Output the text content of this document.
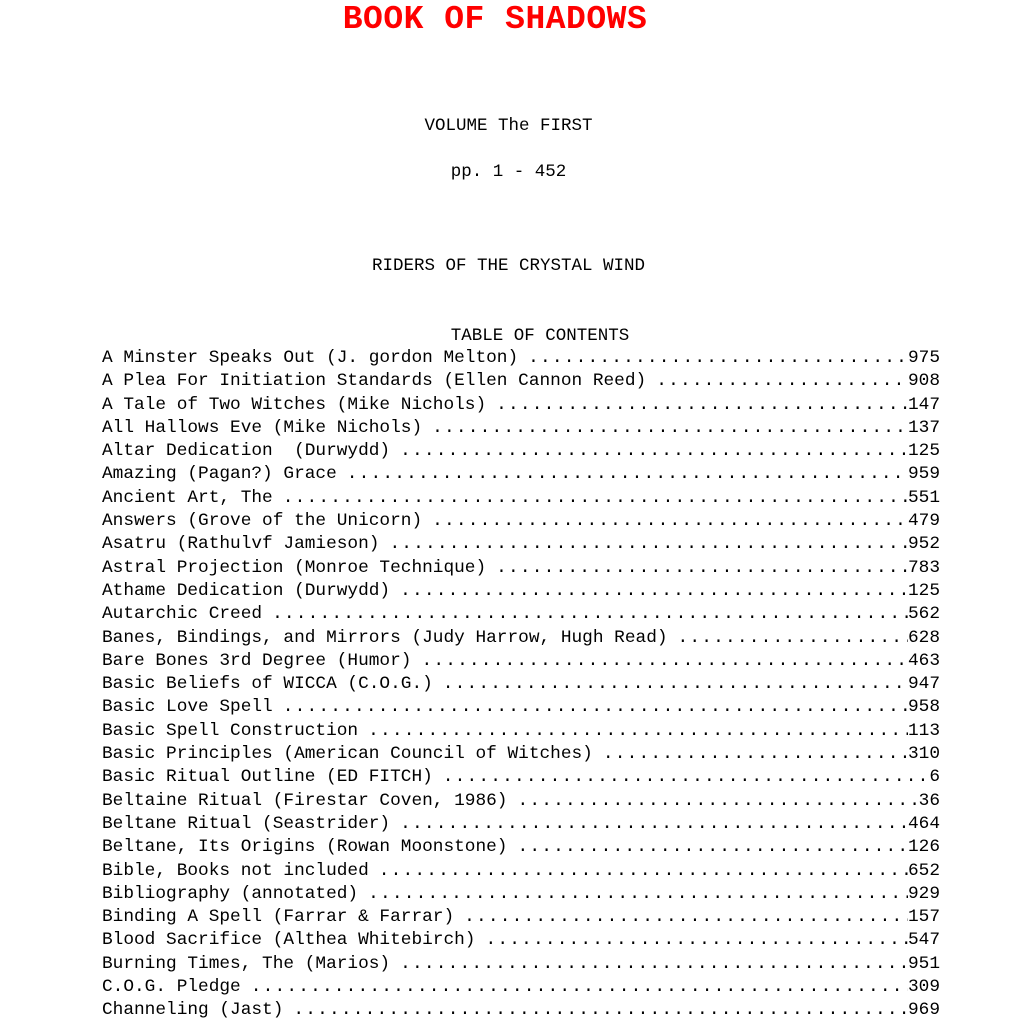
BOOK OF SHADOWS
VOLUME The FIRST
pp. 1 - 452
RIDERS OF THE CRYSTAL WIND
TABLE OF CONTENTS
A Minster Speaks Out (J. gordon Melton) .....	975
A Plea For Initiation Standards (Ellen Cannon Reed) .....	908
A Tale of Two Witches (Mike Nichols) .....	147
All Hallows Eve (Mike Nichols) .....	137
Altar Dedication  (Durwydd) .....	125
Amazing (Pagan?) Grace .....	959
Ancient Art, The .....	551
Answers (Grove of the Unicorn) .....	479
Asatru (Rathulvf Jamieson) .....	952
Astral Projection (Monroe Technique) .....	783
Athame Dedication (Durwydd) .....	125
Autarchic Creed .....	562
Banes, Bindings, and Mirrors (Judy Harrow, Hugh Read) .....	628
Bare Bones 3rd Degree (Humor) .....	463
Basic Beliefs of WICCA (C.O.G.) .....	947
Basic Love Spell .....	958
Basic Spell Construction .....	113
Basic Principles (American Council of Witches) .....	310
Basic Ritual Outline (ED FITCH) .....	6
Beltaine Ritual (Firestar Coven, 1986) .....	36
Beltane Ritual (Seastrider) .....	464
Beltane, Its Origins (Rowan Moonstone) .....	126
Bible, Books not included .....	652
Bibliography (annotated) .....	929
Binding A Spell (Farrar & Farrar) .....	157
Blood Sacrifice (Althea Whitebirch) .....	547
Burning Times, The (Marios) .....	951
C.O.G. Pledge .....	309
Channeling (Jast) .....	969
